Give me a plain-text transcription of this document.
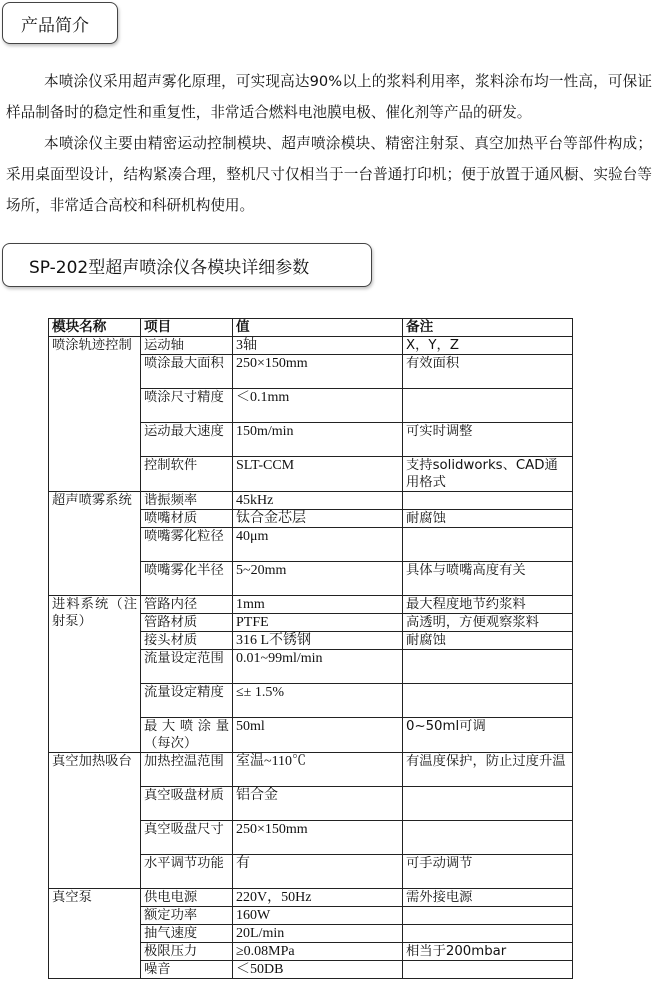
产品简介

本喷涂仪采用超声雾化原理，可实现高达90%以上的浆料利用率，浆料涂布均一性高，可保证样品制备时的稳定性和重复性，非常适合燃料电池膜电极、催化剂等产品的研发。

本喷涂仪主要由精密运动控制模块、超声喷涂模块、精密注射泵、真空加热平台等部件构成；采用桌面型设计，结构紧凑合理，整机尺寸仅相当于一台普通打印机；便于放置于通风橱、实验台等场所，非常适合高校和科研机构使用。

SP-202型超声喷涂仪各模块详细参数
模块名称	项目	值	备注
喷涂轨迹控制	运动轴	3轴	X，Y，Z
	喷涂最大面积	250×150mm	有效面积
	喷涂尺寸精度	＜0.1mm	
	运动最大速度	150m/min	可实时调整
	控制软件	SLT-CCM	支持solidworks、CAD通用格式
超声喷雾系统	谐振频率	45kHz	
	喷嘴材质	钛合金芯层	耐腐蚀
	喷嘴雾化粒径	40μm	
	喷嘴雾化半径	5~20mm	具体与喷嘴高度有关
进料系统（注射泵）	管路内径	1mm	最大程度地节约浆料
	管路材质	PTFE	高透明，方便观察浆料
	接头材质	316 L不锈钢	耐腐蚀
	流量设定范围	0.01~99ml/min	
	流量设定精度	≤± 1.5%	
	最大喷涂量（每次）	50ml	0~50ml可调
真空加热吸台	加热控温范围	室温~110℃	有温度保护，防止过度升温
	真空吸盘材质	铝合金	
	真空吸盘尺寸	250×150mm	
	水平调节功能	有	可手动调节
真空泵	供电电源	220V，50Hz	需外接电源
	额定功率	160W	
	抽气速度	20L/min	
	极限压力	≥0.08MPa	相当于200mbar
	噪音	＜50DB	
